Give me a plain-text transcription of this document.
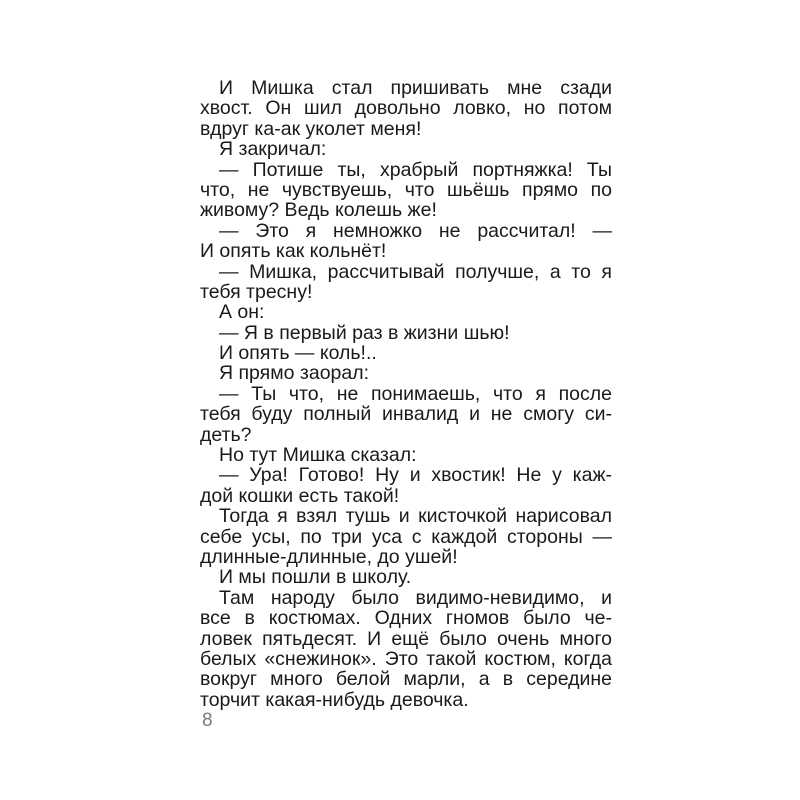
И Мишка стал пришивать мне сзади
хвост. Он шил довольно ловко, но потом
вдруг ка-ак уколет меня!
Я закричал:
— Потише ты, храбрый портняжка! Ты
что, не чувствуешь, что шьёшь прямо по
живому? Ведь колешь же!
— Это я немножко не рассчитал! —
И опять как кольнёт!
— Мишка, рассчитывай получше, а то я
тебя тресну!
А он:
— Я в первый раз в жизни шью!
И опять — коль!..
Я прямо заорал:
— Ты что, не понимаешь, что я после
тебя буду полный инвалид и не смогу си-
деть?
Но тут Мишка сказал:
— Ура! Готово! Ну и хвостик! Не у каж-
дой кошки есть такой!
Тогда я взял тушь и кисточкой нарисовал
себе усы, по три уса с каждой стороны —
длинные-длинные, до ушей!
И мы пошли в школу.
Там народу было видимо-невидимо, и
все в костюмах. Одних гномов было че-
ловек пятьдесят. И ещё было очень много
белых «снежинок». Это такой костюм, когда
вокруг много белой марли, а в середине
торчит какая-нибудь девочка.
8
